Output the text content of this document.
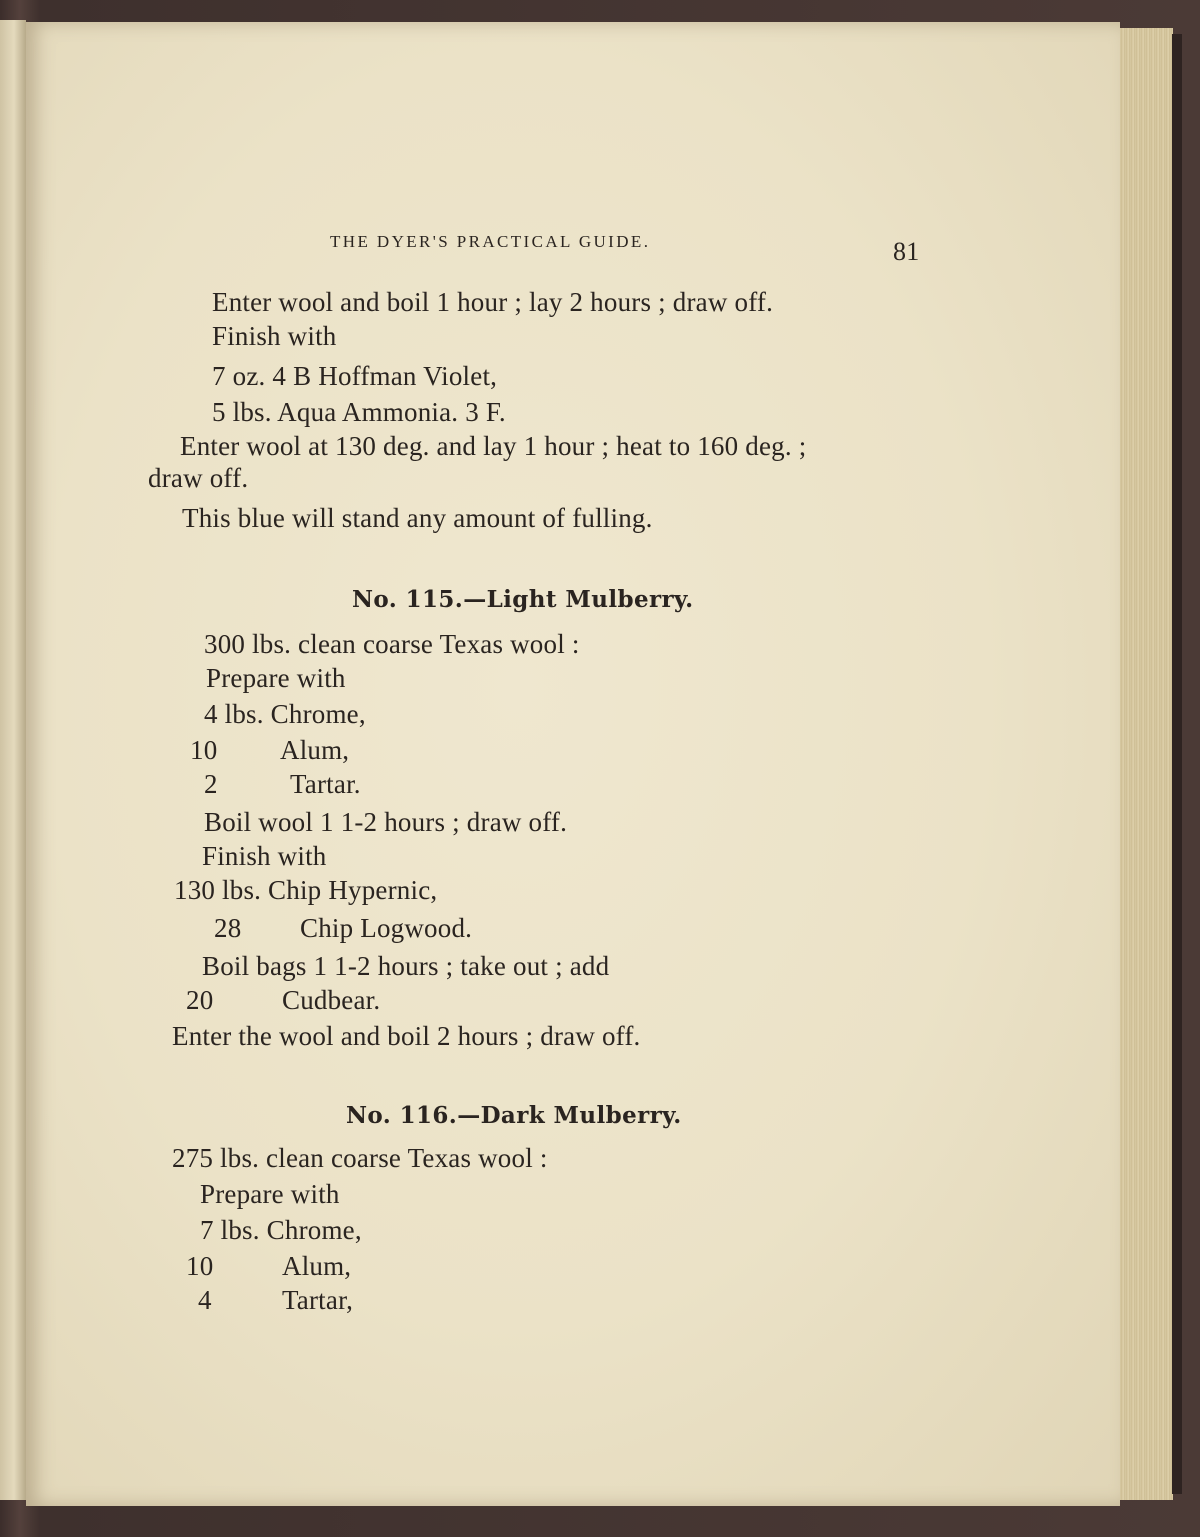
THE DYER'S PRACTICAL GUIDE.	81
Enter wool and boil 1 hour ; lay 2 hours ; draw off.
Finish with
7 oz. 4 B Hoffman Violet,
5 lbs. Aqua Ammonia. 3 F.
Enter wool at 130 deg. and lay 1 hour ; heat to 160 deg. ;
draw off.
This blue will stand any amount of fulling.
No. 115.—Light Mulberry.
300 lbs. clean coarse Texas wool :
Prepare with
4 lbs. Chrome,
10 Alum,
2	Tartar.
Boil wool 1 1-2 hours ; draw off.
Finish with
130 lbs. Chip Hypernic,
28 Chip Logwood.
Boil bags 1 1-2 hours ; take out ; add
20	Cudbear.
Enter the wool and boil 2 hours ; draw off.
No. 116.—Dark Mulberry.
275 lbs. clean coarse Texas wool :
Prepare with
7 lbs. Chrome,
10	Alum,
4	Tartar,
